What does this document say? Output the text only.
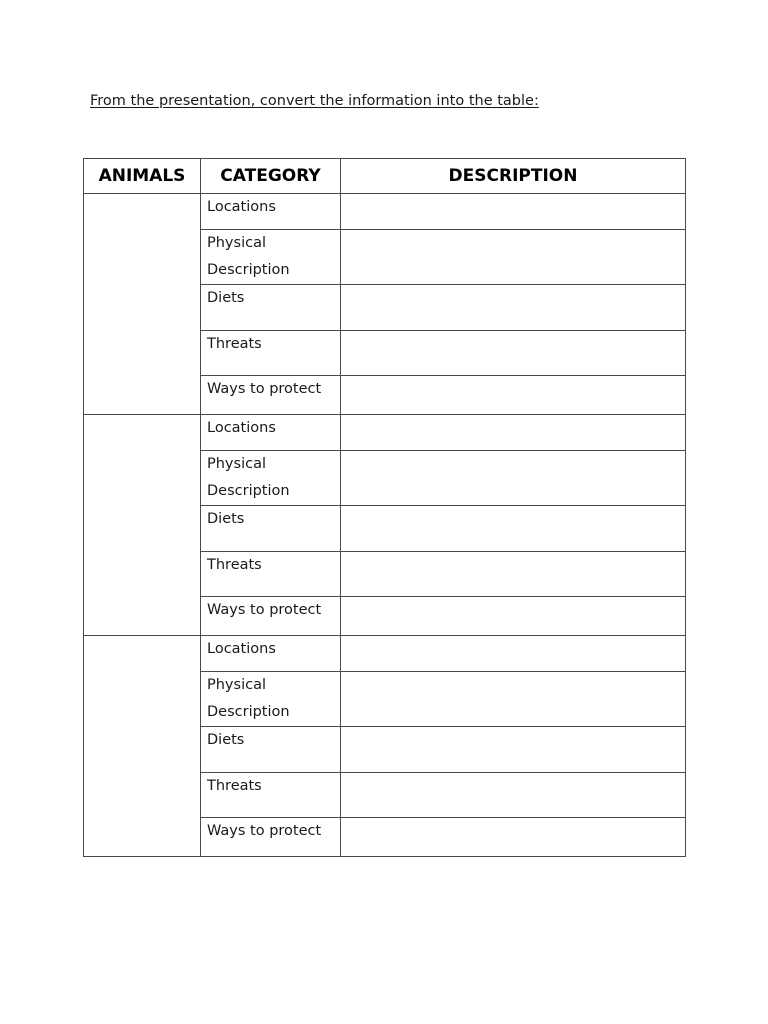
From the presentation, convert the information into the table:
ANIMALS	CATEGORY	DESCRIPTION
	Locations	
	Physical Description	
	Diets	
	Threats	
	Ways to protect	
	Locations	
	Physical Description	
	Diets	
	Threats	
	Ways to protect	
	Locations	
	Physical Description	
	Diets	
	Threats	
	Ways to protect	
